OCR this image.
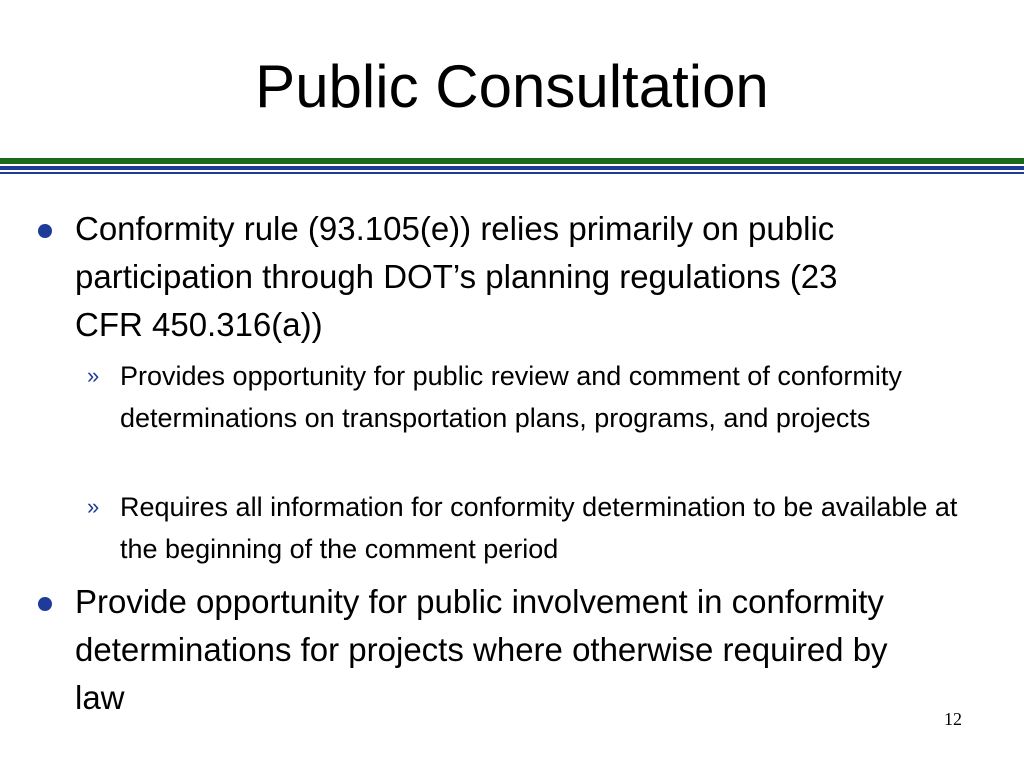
Public Consultation
Conformity rule (93.105(e)) relies primarily on public participation through DOT’s planning regulations (23 CFR 450.316(a))
» Provides opportunity for public review and comment of conformity determinations on transportation plans, programs, and projects
» Requires all information for conformity determination to be available at the beginning of the comment period
Provide opportunity for public involvement in conformity determinations for projects where otherwise required by law
12
